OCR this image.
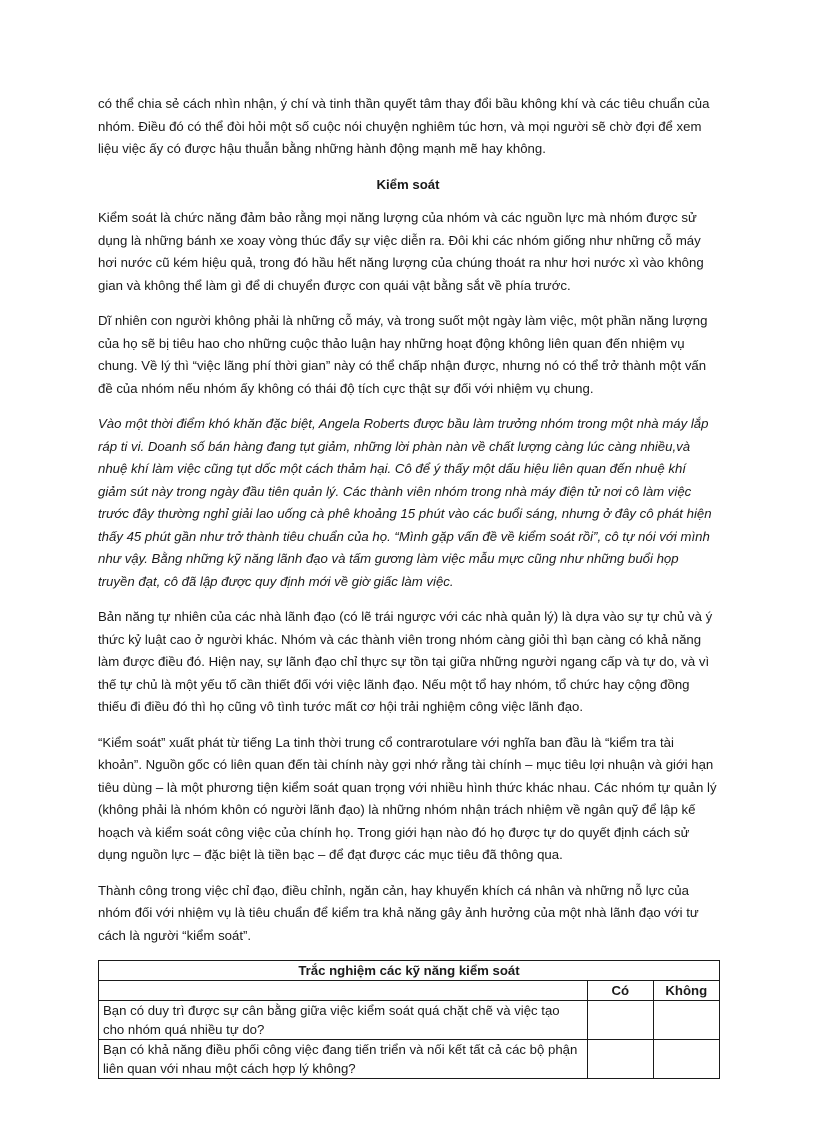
có thể chia sẻ cách nhìn nhận, ý chí và tinh thần quyết tâm thay đổi bầu không khí và các tiêu chuẩn của nhóm. Điều đó có thể đòi hỏi một số cuộc nói chuyện nghiêm túc hơn, và mọi người sẽ chờ đợi để xem liệu việc ấy có được hậu thuẫn bằng những hành động mạnh mẽ hay không.

Kiểm soát

Kiểm soát là chức năng đảm bảo rằng mọi năng lượng của nhóm và các nguồn lực mà nhóm được sử dụng là những bánh xe xoay vòng thúc đẩy sự việc diễn ra. Đôi khi các nhóm giống như những cỗ máy hơi nước cũ kém hiệu quả, trong đó hầu hết năng lượng của chúng thoát ra như hơi nước xì vào không gian và không thể làm gì để di chuyển được con quái vật bằng sắt về phía trước.

Dĩ nhiên con người không phải là những cỗ máy, và trong suốt một ngày làm việc, một phần năng lượng của họ sẽ bị tiêu hao cho những cuộc thảo luận hay những hoạt động không liên quan đến nhiệm vụ chung. Về lý thì “việc lãng phí thời gian” này có thể chấp nhận được, nhưng nó có thể trở thành một vấn đề của nhóm nếu nhóm ấy không có thái độ tích cực thật sự đối với nhiệm vụ chung.

Vào một thời điểm khó khăn đặc biệt, Angela Roberts được bầu làm trưởng nhóm trong một nhà máy lắp ráp ti vi. Doanh số bán hàng đang tụt giảm, những lời phàn nàn về chất lượng càng lúc càng nhiều,và nhuệ khí làm việc cũng tụt dốc một cách thảm hại. Cô để ý thấy một dấu hiệu liên quan đến nhuệ khí giảm sút này trong ngày đầu tiên quản lý. Các thành viên nhóm trong nhà máy điện tử nơi cô làm việc trước đây thường nghỉ giải lao uống cà phê khoảng 15 phút vào các buổi sáng, nhưng ở đây cô phát hiện thấy 45 phút gần như trở thành tiêu chuẩn của họ. “Mình gặp vấn đề về kiểm soát rồi”, cô tự nói với mình như vậy. Bằng những kỹ năng lãnh đạo và tấm gương làm việc mẫu mực cũng như những buổi họp truyền đạt, cô đã lập được quy định mới về giờ giấc làm việc.

Bản năng tự nhiên của các nhà lãnh đạo (có lẽ trái ngược với các nhà quản lý) là dựa vào sự tự chủ và ý thức kỷ luật cao ở người khác. Nhóm và các thành viên trong nhóm càng giỏi thì bạn càng có khả năng làm được điều đó. Hiện nay, sự lãnh đạo chỉ thực sự tồn tại giữa những người ngang cấp và tự do, và vì thế tự chủ là một yếu tố cần thiết đối với việc lãnh đạo. Nếu một tổ hay nhóm, tổ chức hay cộng đồng thiếu đi điều đó thì họ cũng vô tình tước mất cơ hội trải nghiệm công việc lãnh đạo.

“Kiểm soát” xuất phát từ tiếng La tinh thời trung cổ contrarotulare với nghĩa ban đầu là “kiểm tra tài khoản”. Nguồn gốc có liên quan đến tài chính này gợi nhớ rằng tài chính – mục tiêu lợi nhuận và giới hạn tiêu dùng – là một phương tiện kiểm soát quan trọng với nhiều hình thức khác nhau. Các nhóm tự quản lý (không phải là nhóm khôn có người lãnh đạo) là những nhóm nhận trách nhiệm về ngân quỹ để lập kế hoạch và kiểm soát công việc của chính họ. Trong giới hạn nào đó họ được tự do quyết định cách sử dụng nguồn lực – đặc biệt là tiền bạc – để đạt được các mục tiêu đã thông qua.

Thành công trong việc chỉ đạo, điều chỉnh, ngăn cản, hay khuyến khích cá nhân và những nỗ lực của nhóm đối với nhiệm vụ là tiêu chuẩn để kiểm tra khả năng gây ảnh hưởng của một nhà lãnh đạo với tư cách là người “kiểm soát”.

Trắc nghiệm các kỹ năng kiểm soát		
	Có	Không
Bạn có duy trì được sự cân bằng giữa việc kiểm soát quá chặt chẽ và việc tạo cho nhóm quá nhiều tự do?		
Bạn có khả năng điều phối công việc đang tiến triển và nối kết tất cả các bộ phận liên quan với nhau một cách hợp lý không?		
